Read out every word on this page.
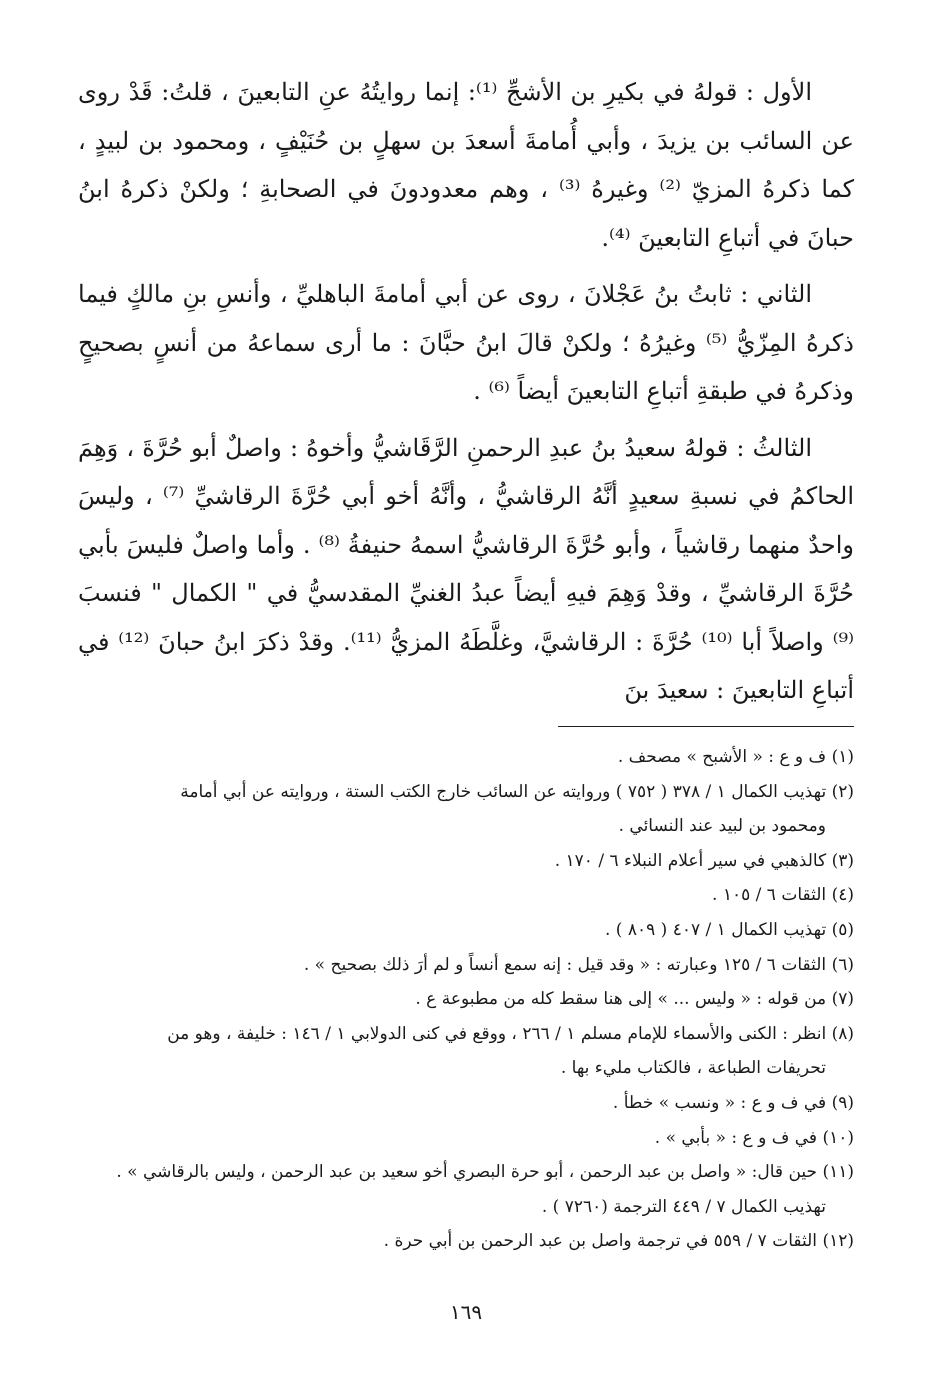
الأول : قولهُ في بكيرِ بن الأشجِّ ⁽¹⁾: إنما روايتُهُ عنِ التابعينَ ، قلتُ: قَدْ روى عن السائب بن يزيدَ ، وأبي أُمامةَ أسعدَ بن سهلٍ بن حُنَيْفٍ ، ومحمود بن لبيدٍ ، كما ذكرهُ المزيّ ⁽²⁾ وغيرهُ ⁽³⁾ ، وهم معدودونَ في الصحابةِ ؛ ولكنْ ذكرهُ ابنُ حبانَ في أتباعِ التابعينَ ⁽⁴⁾.

الثاني : ثابتُ بنُ عَجْلانَ ، روى عن أبي أمامةَ الباهليِّ ، وأنسِ بنِ مالكٍ فيما ذكرهُ المِزّيُّ ⁽⁵⁾ وغيرُهُ ؛ ولكنْ قالَ ابنُ حبَّانَ : ما أرى سماعهُ من أنسٍ بصحيحٍ وذكرهُ في طبقةِ أتباعِ التابعينَ أيضاً ⁽⁶⁾ .

الثالثُ : قولهُ سعيدُ بنُ عبدِ الرحمنِ الرَّقَاشيُّ وأخوهُ : واصلٌ أبو حُرَّةَ ، وَهِمَ الحاكمُ في نسبةِ سعيدٍ أنَّهُ الرقاشيُّ ، وأنَّهُ أخو أبي حُرَّةَ الرقاشيِّ ⁽⁷⁾ ، وليسَ واحدٌ منهما رقاشياً ، وأبو حُرَّةَ الرقاشيُّ اسمهُ حنيفةُ ⁽⁸⁾ . وأما واصلٌ فليسَ بأبي حُرَّةَ الرقاشيِّ ، وقدْ وَهِمَ فيهِ أيضاً عبدُ الغنيِّ المقدسيُّ في " الكمال " فنسبَ ⁽⁹⁾ واصلاً أبا ⁽¹⁰⁾ حُرَّةَ : الرقاشيَّ، وغلَّطَهُ المزيُّ ⁽¹¹⁾. وقدْ ذكرَ ابنُ حبانَ ⁽¹²⁾ في أتباعِ التابعينَ : سعيدَ بنَ

(١) ف و ع : « الأشبح » مصحف .

(٢) تهذيب الكمال ١ / ٣٧٨ ( ٧٥٢ ) وروايته عن السائب خارج الكتب الستة ، وروايته عن أبي أمامة
ومحمود بن لبيد عند النسائي .

(٣) كالذهبي في سير أعلام النبلاء ٦ / ١٧٠ .

(٤) الثقات ٦ / ١٠٥ .

(٥) تهذيب الكمال ١ / ٤٠٧ ( ٨٠٩ ) .

(٦) الثقات ٦ / ١٢٥ وعبارته : « وقد قيل : إنه سمع أنساً و لم أرَ ذلك بصحيح » .

(٧) من قوله : « وليس ... » إلى هنا سقط كله من مطبوعة ع .

(٨) انظر : الكنى والأسماء للإمام مسلم ١ / ٢٦٦ ، ووقع في كنى الدولابي ١ / ١٤٦ : خليفة ، وهو من
تحريفات الطباعة ، فالكتاب مليء بها .

(٩) في ف و ع : « ونسب » خطأ .

(١٠) في ف و ع : « بأبي » .

(١١) حين قال: « واصل بن عبد الرحمن ، أبو حرة البصري أخو سعيد بن عبد الرحمن ، وليس بالرقاشي » .
تهذيب الكمال ٧ / ٤٤٩ الترجمة (٧٢٦٠ ) .

(١٢) الثقات ٧ / ٥٥٩ في ترجمة واصل بن عبد الرحمن بن أبي حرة .

١٦٩
